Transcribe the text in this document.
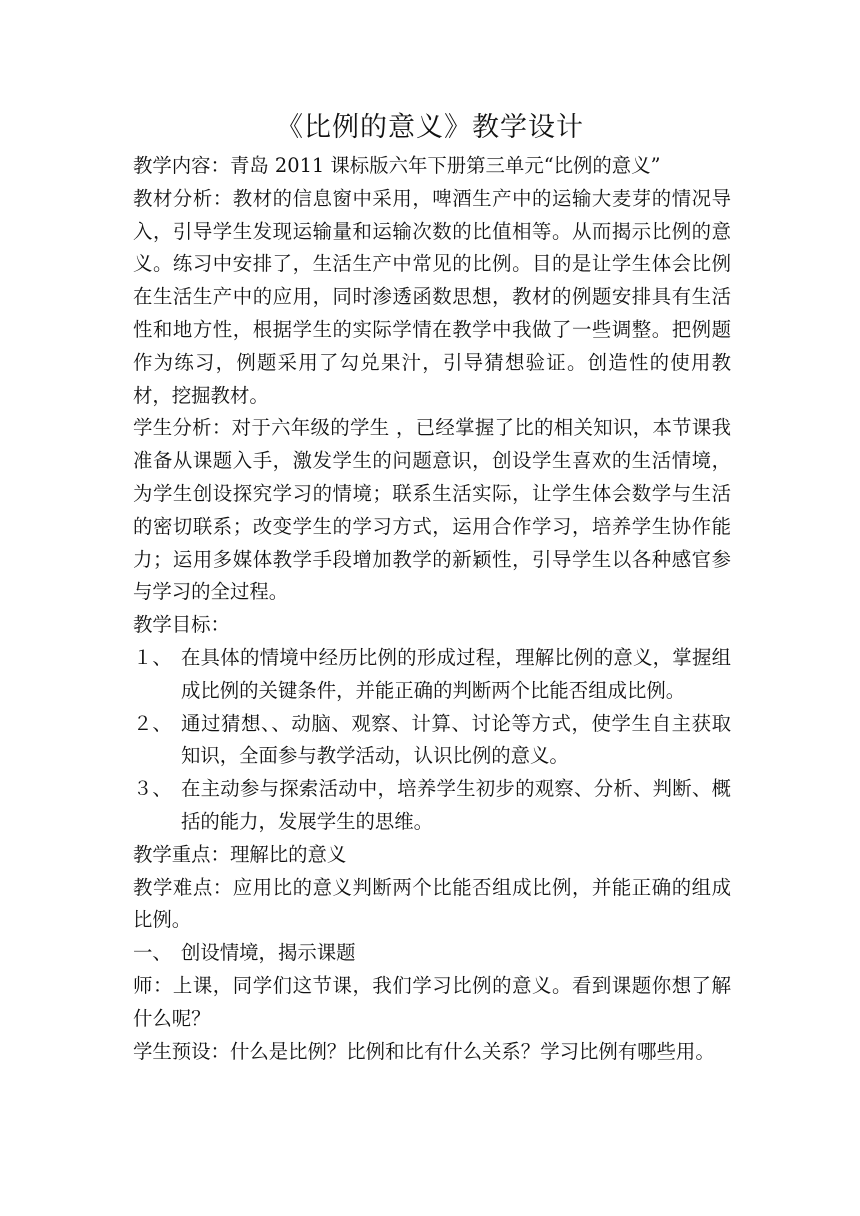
《比例的意义》教学设计

教学内容：青岛 2011 课标版六年下册第三单元“比例的意义”

教材分析：教材的信息窗中采用，啤酒生产中的运输大麦芽的情况导入，引导学生发现运输量和运输次数的比值相等。从而揭示比例的意义。练习中安排了，生活生产中常见的比例。目的是让学生体会比例在生活生产中的应用，同时渗透函数思想，教材的例题安排具有生活性和地方性，根据学生的实际学情在教学中我做了一些调整。把例题作为练习，例题采用了勾兑果汁，引导猜想验证。创造性的使用教材，挖掘教材。

学生分析：对于六年级的学生 ，已经掌握了比的相关知识，本节课我准备从课题入手，激发学生的问题意识，创设学生喜欢的生活情境，为学生创设探究学习的情境；联系生活实际，让学生体会数学与生活的密切联系；改变学生的学习方式，运用合作学习，培养学生协作能力；运用多媒体教学手段增加教学的新颖性，引导学生以各种感官参与学习的全过程。

教学目标：

１、 在具体的情境中经历比例的形成过程，理解比例的意义，掌握组成比例的关键条件，并能正确的判断两个比能否组成比例。
２、 通过猜想、、动脑、观察、计算、讨论等方式，使学生自主获取知识，全面参与教学活动，认识比例的意义。
３、 在主动参与探索活动中，培养学生初步的观察、分析、判断、概括的能力，发展学生的思维。

教学重点：理解比的意义

教学难点：应用比的意义判断两个比能否组成比例，并能正确的组成比例。

一、 创设情境，揭示课题

师：上课，同学们这节课，我们学习比例的意义。看到课题你想了解什么呢？

学生预设：什么是比例？比例和比有什么关系？学习比例有哪些用。
